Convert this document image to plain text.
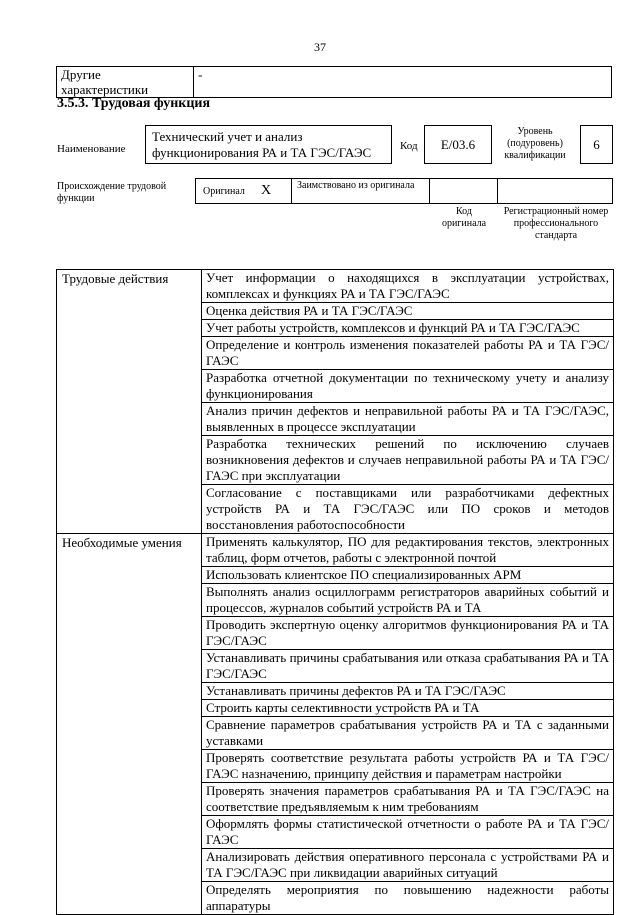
37
Другие характеристики	-
3.5.3. Трудовая функция
Наименование
Технический учет и анализ функционирования РА и ТА ГЭС/ГАЭС	Код	E/03.6
Уровень (подуровень) квалификации
6
Происхождение трудовой функции
Оригинал X	Заимствовано из оригинала
Код оригинала
Регистрационный номер профессионального стандарта
Трудовые действия	Учет информации о находящихся в эксплуатации устройствах, комплексах и функциях РА и ТА ГЭС/ГАЭС
	Оценка действия РА и ТА ГЭС/ГАЭС
	Учет работы устройств, комплексов и функций РА и ТА ГЭС/ГАЭС
	Определение и контроль изменения показателей работы РА и ТА ГЭС/ГАЭС
	Разработка отчетной документации по техническому учету и анализу функционирования
	Анализ причин дефектов и неправильной работы РА и ТА ГЭС/ГАЭС, выявленных в процессе эксплуатации
	Разработка технических решений по исключению случаев возникновения дефектов и случаев неправильной работы РА и ТА ГЭС/ГАЭС при эксплуатации
	Согласование с поставщиками или разработчиками дефектных устройств РА и ТА ГЭС/ГАЭС или ПО сроков и методов восстановления работоспособности
Необходимые умения	Применять калькулятор, ПО для редактирования текстов, электронных таблиц, форм отчетов, работы с электронной почтой
	Использовать клиентское ПО специализированных АРМ
	Выполнять анализ осциллограмм регистраторов аварийных событий и процессов, журналов событий устройств РА и ТА
	Проводить экспертную оценку алгоритмов функционирования РА и ТА ГЭС/ГАЭС
	Устанавливать причины срабатывания или отказа срабатывания РА и ТА ГЭС/ГАЭС
	Устанавливать причины дефектов РА и ТА ГЭС/ГАЭС
	Строить карты селективности устройств РА и ТА
	Сравнение параметров срабатывания устройств РА и ТА с заданными уставками
	Проверять соответствие результата работы устройств РА и ТА ГЭС/ГАЭС назначению, принципу действия и параметрам настройки
	Проверять значения параметров срабатывания РА и ТА ГЭС/ГАЭС на соответствие предъявляемым к ним требованиям
	Оформлять формы статистической отчетности о работе РА и ТА ГЭС/ГАЭС
	Анализировать действия оперативного персонала с устройствами РА и ТА ГЭС/ГАЭС при ликвидации аварийных ситуаций
	Определять мероприятия по повышению надежности работы аппаратуры
